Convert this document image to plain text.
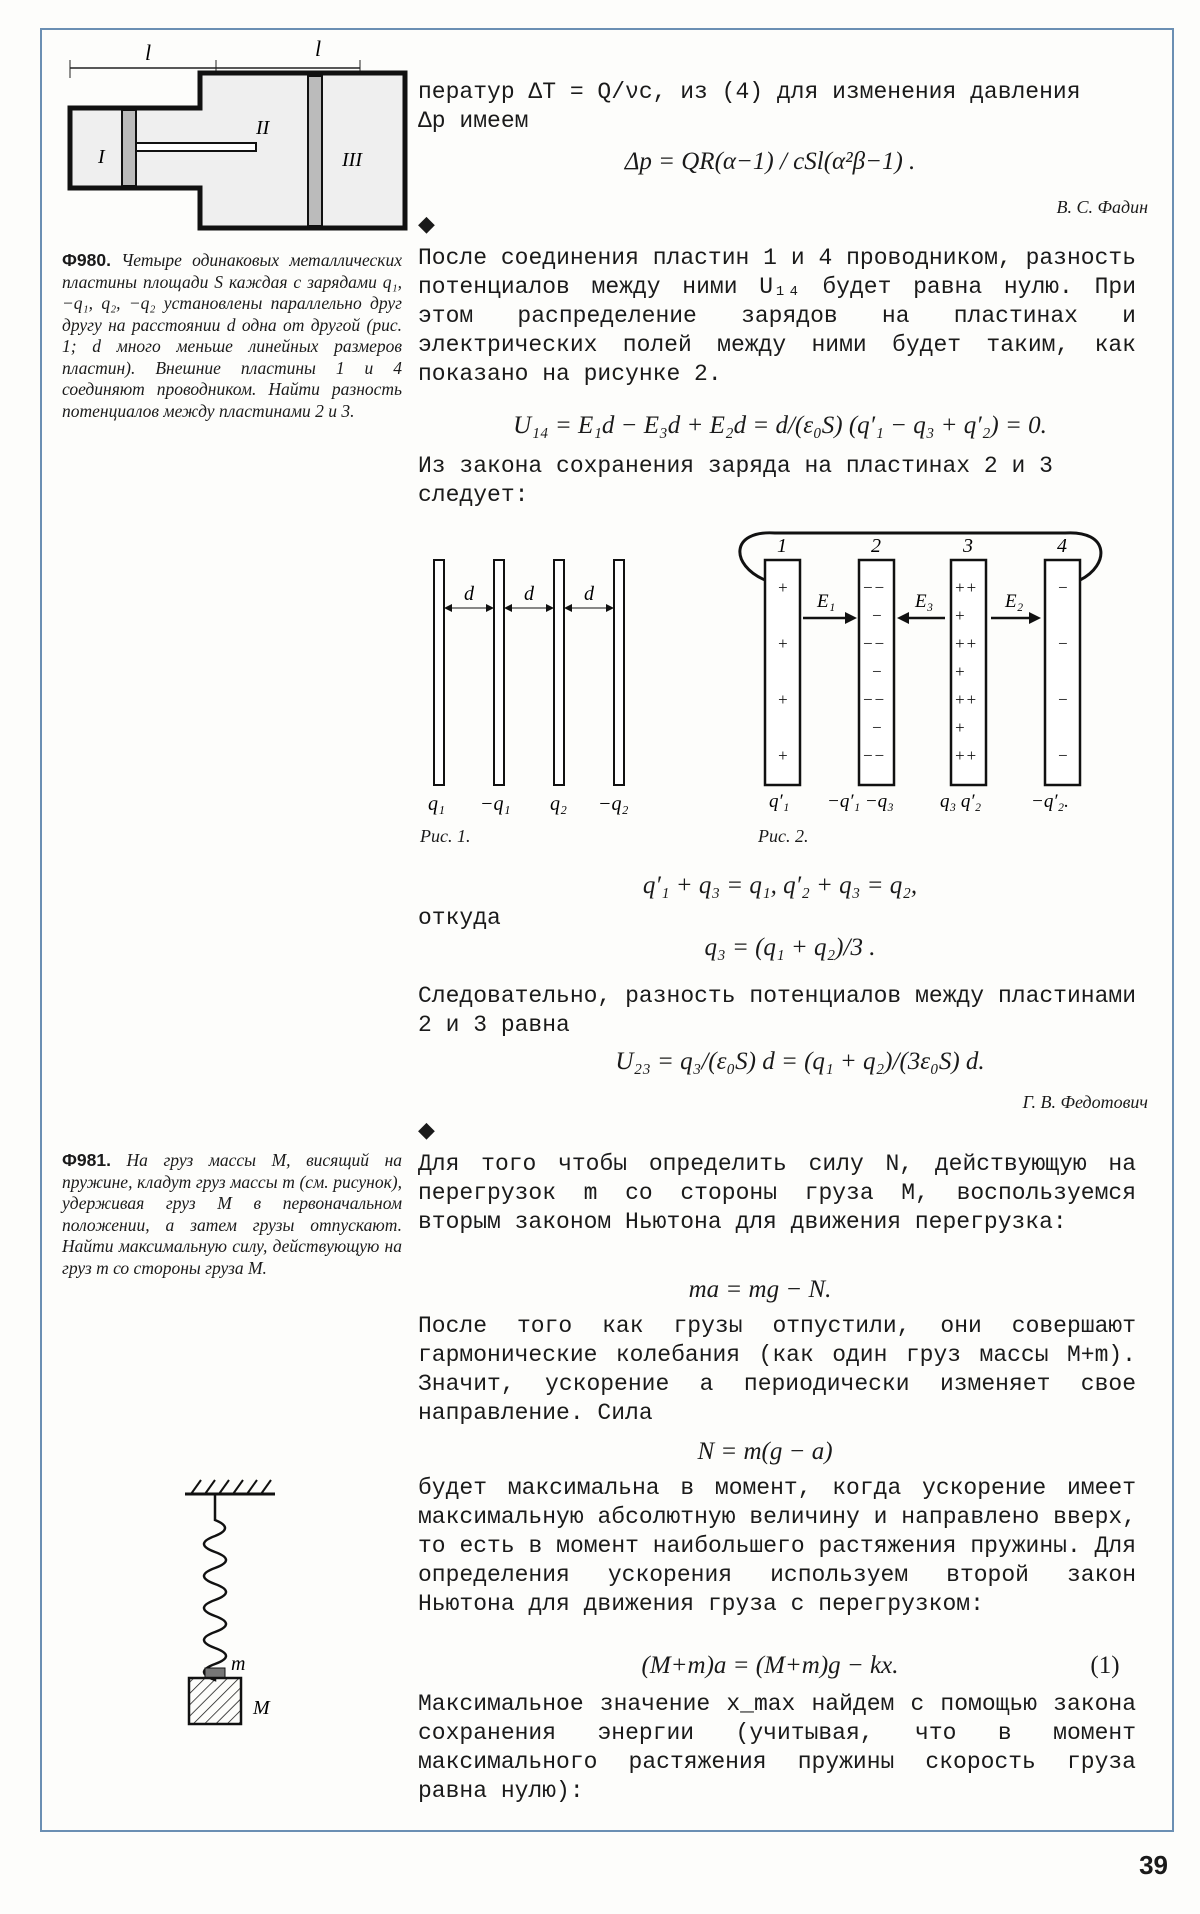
l	l
I
II
III

ператур ΔT = Q/νc, из (4) для изменения давления

Δp имеем

Δp = QR(α−1) / cSl(α²β−1) .
В. С. Фадин
Ф980. Четыре одинаковых металлических пластины площади S каждая с зарядами q₁, −q₁, q₂, −q₂ установлены параллельно друг другу на расстоянии d одна от другой (рис. 1; d много меньше линейных размеров пластин). Внешние пластины 1 и 4 соединяют проводником. Найти разность потенциалов между пластинами 2 и 3.
◆
После соединения пластин 1 и 4 проводником, разность потенциалов между ними U₁₄ будет равна нулю. При этом распределение зарядов на пластинах и электрических полей между ними будет таким, как показано на рисунке 2.
U₁₄ = E₁d − E₃d + E₂d = d/(ε₀S) (q′₁ − q₃ + q′₂) = 0.
Из закона сохранения заряда на пластинах 2 и 3 следует:
d	d	d
q₁ −q₁ q₂ −q₂
Рис. 1.
1	2	3	4
+
+
+
+
−−
−
−−
−
−−
−
−−
++
+
++
+
++
+
++
−
−
−
−
E₁	E₃	E₂
q′₁ −q′₁ −q₃ q₃ q′₂	−q′₂.
Рис. 2.
q′₁ + q₃ = q₁, q′₂ + q₃ = q₂,
откуда
q₃ = (q₁ + q₂)/3 .
Следовательно, разность потенциалов между пластинами 2 и 3 равна
U₂₃ = q₃/(ε₀S) d = (q₁ + q₂)/(3ε₀S) d.
Г. В. Федотович
Ф981. На груз массы M, висящий на пружине, кладут груз массы m (см. рисунок), удерживая груз M в первоначальном положении, а затем грузы отпускают. Найти максимальную силу, действующую на груз m со стороны груза M.
m
M
◆
Для того чтобы определить силу N, действующую на перегрузок m со стороны груза M, воспользуемся вторым законом Ньютона для движения перегрузка:
ma = mg − N.
После того как грузы отпустили, они совершают гармонические колебания (как один груз массы M+m). Значит, ускорение a периодически изменяет свое направление. Сила
N = m(g − a)
будет максимальна в момент, когда ускорение имеет максимальную абсолютную величину и направлено вверх, то есть в момент наибольшего растяжения пружины. Для определения ускорения используем второй закон Ньютона для движения груза с перегрузком:
(M+m)a = (M+m)g − kx.	(1)
Максимальное значение x_max найдем с помощью закона сохранения энергии (учитывая, что в момент максимального растяжения пружины скорость груза равна нулю):
39
